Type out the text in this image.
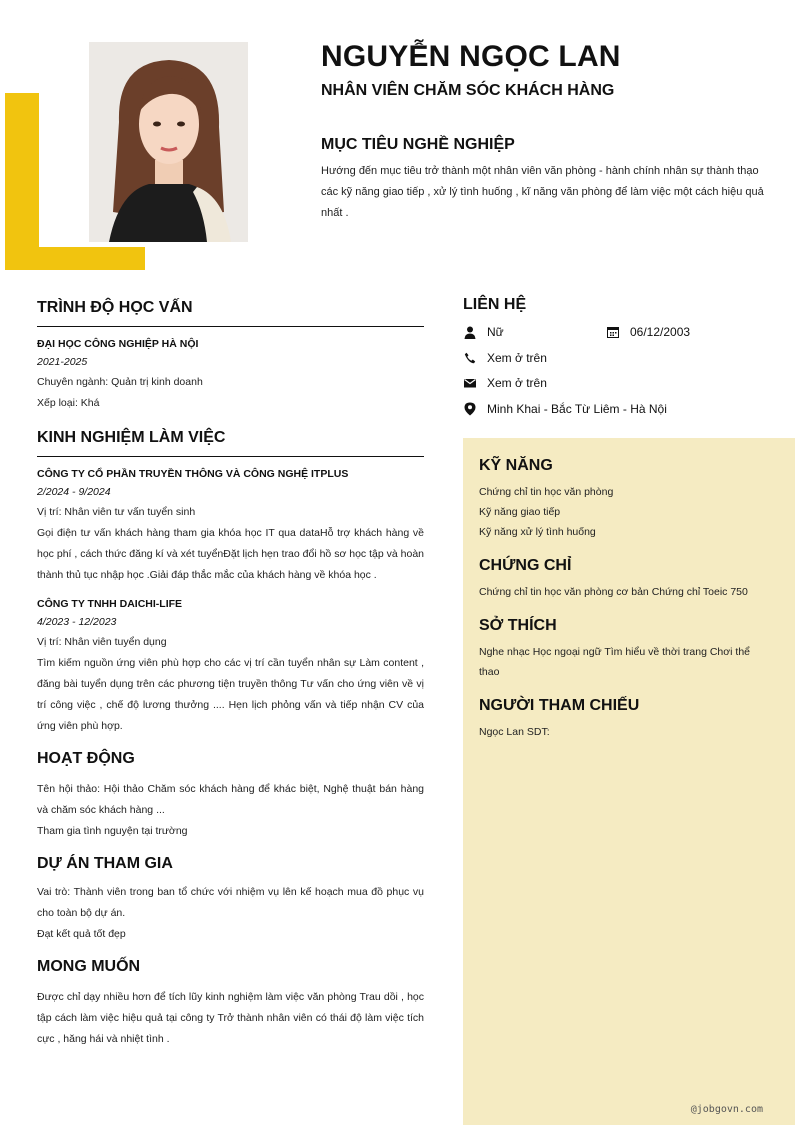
NGUYỄN NGỌC LAN
NHÂN VIÊN CHĂM SÓC KHÁCH HÀNG
MỤC TIÊU NGHỀ NGHIỆP
Hướng đến mục tiêu trở thành một nhân viên văn phòng - hành chính nhân sự thành thạo các kỹ năng giao tiếp , xử lý tình huống , kĩ năng văn phòng để làm việc một cách hiệu quả nhất .
TRÌNH ĐỘ HỌC VẤN
ĐẠI HỌC CÔNG NGHIỆP HÀ NỘI
2021-2025
Chuyên ngành: Quản trị kinh doanh
Xếp loại: Khá
KINH NGHIỆM LÀM VIỆC
CÔNG TY CỔ PHẦN TRUYỀN THÔNG VÀ CÔNG NGHỆ ITPLUS
2/2024 - 9/2024
Vị trí: Nhân viên tư vấn tuyển sinh
Gọi điện tư vấn khách hàng tham gia khóa học IT qua dataHỗ trợ khách hàng về học phí , cách thức đăng kí và xét tuyểnĐặt lịch hẹn trao đổi hồ sơ học tập và hoàn thành thủ tục nhập học .Giải đáp thắc mắc của khách hàng về khóa học .
CÔNG TY TNHH DAICHI-LIFE
4/2023 - 12/2023
Vị trí: Nhân viên tuyển dụng
Tìm kiếm nguồn ứng viên phù hợp cho các vị trí cần tuyển nhân sự Làm content , đăng bài tuyển dụng trên các phương tiện truyền thông Tư vấn cho ứng viên về vị trí công việc , chế độ lương thưởng .... Hẹn lịch phỏng vấn và tiếp nhận CV của ứng viên phù hợp.
HOẠT ĐỘNG
Tên hội thảo: Hội thảo Chăm sóc khách hàng để khác biệt, Nghệ thuật bán hàng và chăm sóc khách hàng ...
Tham gia tình nguyện tại trường
DỰ ÁN THAM GIA
Vai trò: Thành viên trong ban tổ chức với nhiệm vụ lên kế hoạch mua đồ phục vụ cho toàn bộ dự án.
Đạt kết quả tốt đẹp
MONG MUỐN
Được chỉ dạy nhiều hơn để tích lũy kinh nghiệm làm việc văn phòng Trau dồi , học tập cách làm việc hiệu quả tại công ty Trở thành nhân viên có thái độ làm việc tích cực , hăng hái và nhiệt tình .
LIÊN HỆ
Nữ	06/12/2003
Xem ở trên
Xem ở trên
Minh Khai - Bắc Từ Liêm - Hà Nội
KỸ NĂNG
Chứng chỉ tin học văn phòng
Kỹ năng giao tiếp
Kỹ năng xử lý tình huống
CHỨNG CHỈ
Chứng chỉ tin học văn phòng cơ bản Chứng chỉ Toeic 750
SỞ THÍCH
Nghe nhạc Học ngoại ngữ Tìm hiểu về thời trang Chơi thể thao
NGƯỜI THAM CHIẾU
Ngọc Lan SDT:
@jobgovn.com
